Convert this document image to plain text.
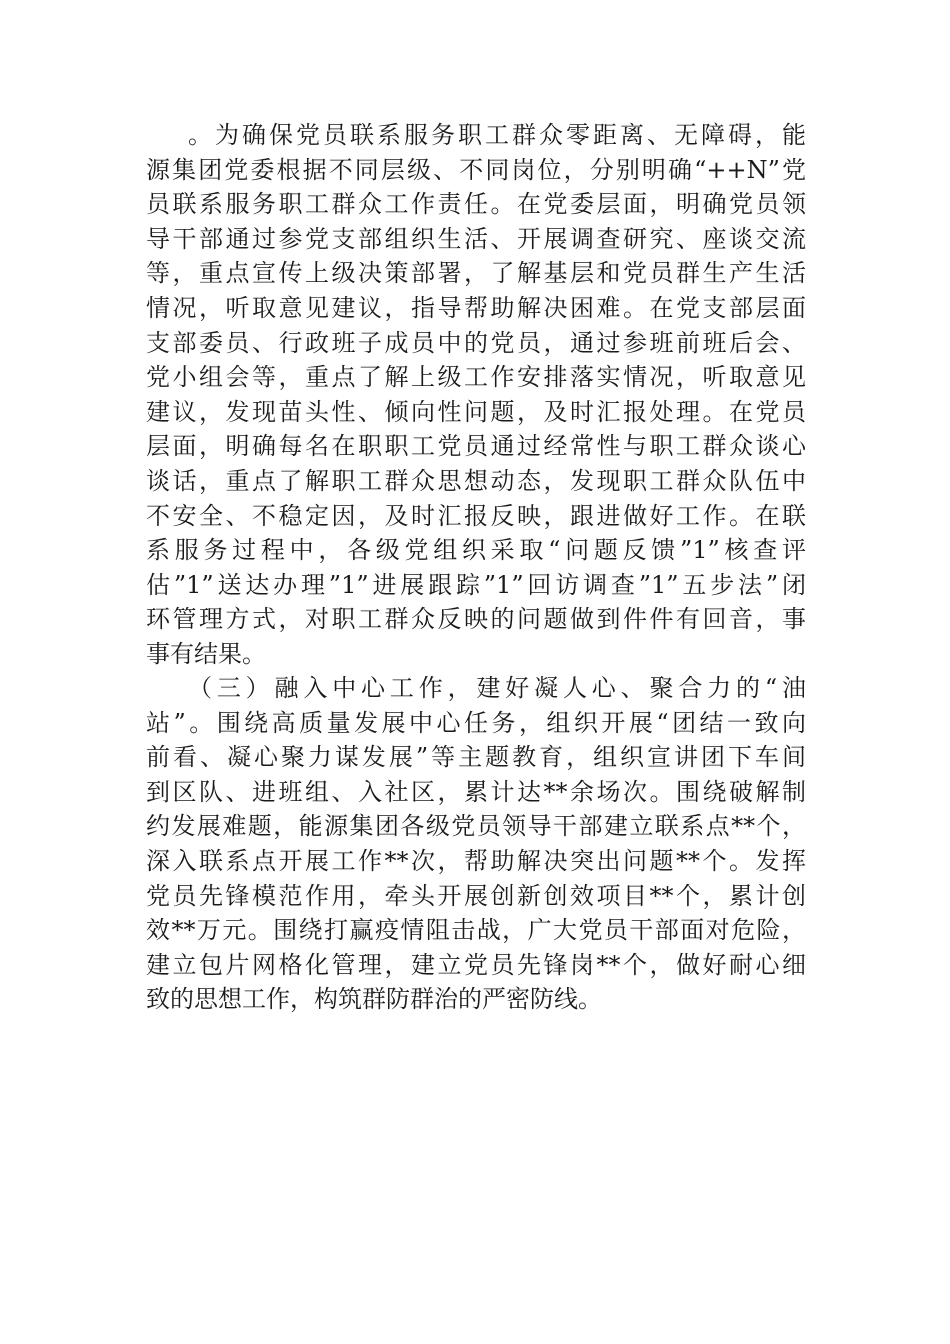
。为确保党员联系服务职工群众零距离、无障碍，能
源集团党委根据不同层级、不同岗位，分别明确“++N”党
员联系服务职工群众工作责任。在党委层面，明确党员领
导干部通过参党支部组织生活、开展调查研究、座谈交流
等，重点宣传上级决策部署，了解基层和党员群生产生活
情况，听取意见建议，指导帮助解决困难。在党支部层面
支部委员、行政班子成员中的党员，通过参班前班后会、
党小组会等，重点了解上级工作安排落实情况，听取意见
建议，发现苗头性、倾向性问题，及时汇报处理。在党员
层面，明确每名在职职工党员通过经常性与职工群众谈心
谈话，重点了解职工群众思想动态，发现职工群众队伍中
不安全、不稳定因，及时汇报反映，跟进做好工作。在联
系服务过程中，各级党组织采取“问题反馈”1”核查评
估”1”送达办理”1”进展跟踪”1”回访调查”1”五步法”闭
环管理方式，对职工群众反映的问题做到件件有回音，事
事有结果。
（三）融入中心工作，建好凝人心、聚合力的“油
站”。围绕高质量发展中心任务，组织开展“团结一致向
前看、凝心聚力谋发展”等主题教育，组织宣讲团下车间
到区队、进班组、入社区，累计达**余场次。围绕破解制
约发展难题，能源集团各级党员领导干部建立联系点**个，
深入联系点开展工作**次，帮助解决突出问题**个。发挥
党员先锋模范作用，牵头开展创新创效项目**个，累计创
效**万元。围绕打赢疫情阻击战，广大党员干部面对危险，
建立包片网格化管理，建立党员先锋岗**个，做好耐心细
致的思想工作，构筑群防群治的严密防线。
